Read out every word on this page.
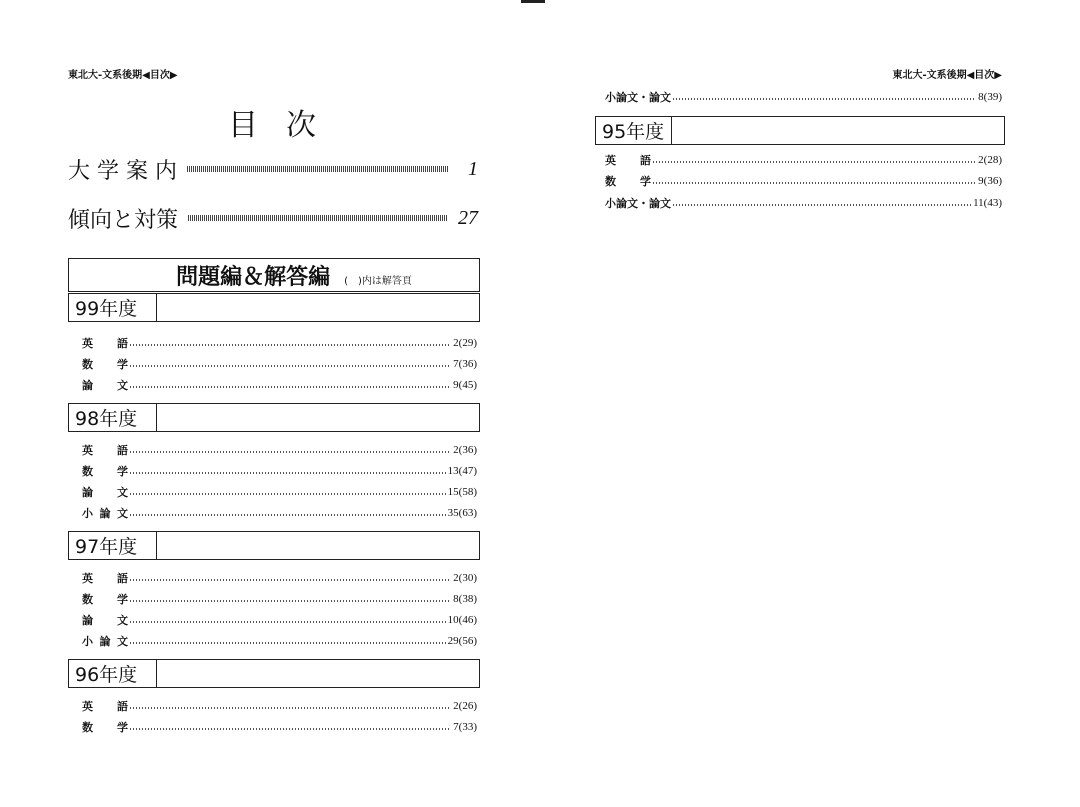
東北大-文系後期◀目次▶
目次
大 学 案 内	1
傾向と対策	27
問題編＆解答編 (　)内は解答頁
99年度
英 語	2(29)
数 学	7(36)
論 文	9(45)
98年度
英 語	2(36)
数 学	13(47)
論 文	15(58)
小 論 文	35(63)
97年度
英 語	2(30)
数 学	8(38)
論 文	10(46)
小 論 文	29(56)
96年度
英 語	2(26)
数 学	7(33)
東北大-文系後期◀目次▶
小論文・論文	8(39)
95年度
英 語	2(28)
数 学	9(36)
小論文・論文	11(43)
